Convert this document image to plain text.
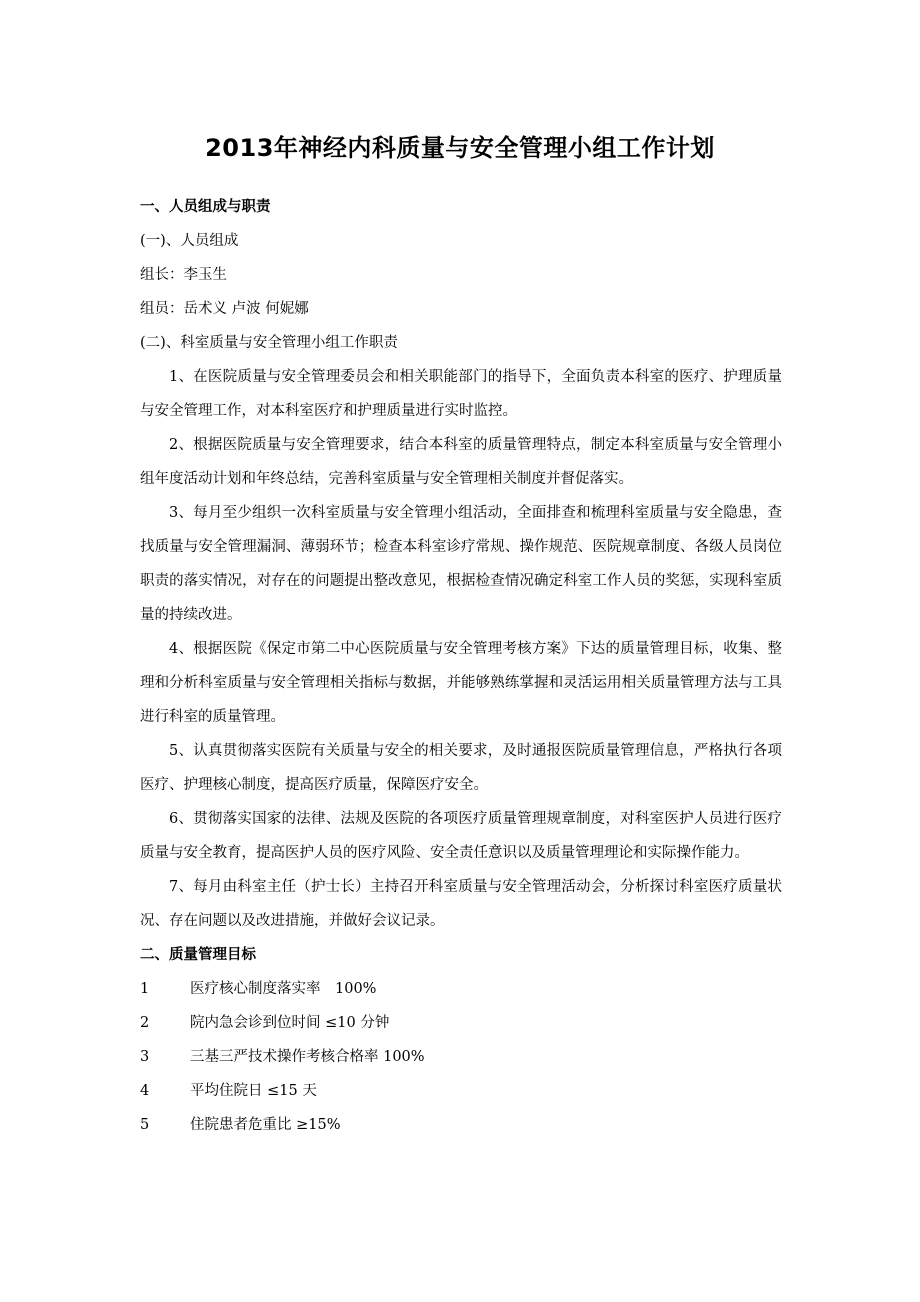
2013年神经内科质量与安全管理小组工作计划
一、人员组成与职责
(一)、人员组成
组长：李玉生
组员：岳术义 卢波 何妮娜
(二)、科室质量与安全管理小组工作职责
1、在医院质量与安全管理委员会和相关职能部门的指导下，全面负责本科室的医疗、护理质量与安全管理工作，对本科室医疗和护理质量进行实时监控。
2、根据医院质量与安全管理要求，结合本科室的质量管理特点，制定本科室质量与安全管理小组年度活动计划和年终总结，完善科室质量与安全管理相关制度并督促落实。
3、每月至少组织一次科室质量与安全管理小组活动，全面排查和梳理科室质量与安全隐患，查找质量与安全管理漏洞、薄弱环节；检查本科室诊疗常规、操作规范、医院规章制度、各级人员岗位职责的落实情况，对存在的问题提出整改意见，根据检查情况确定科室工作人员的奖惩，实现科室质量的持续改进。
4、根据医院《保定市第二中心医院质量与安全管理考核方案》下达的质量管理目标，收集、整理和分析科室质量与安全管理相关指标与数据，并能够熟练掌握和灵活运用相关质量管理方法与工具进行科室的质量管理。
5、认真贯彻落实医院有关质量与安全的相关要求，及时通报医院质量管理信息，严格执行各项医疗、护理核心制度，提高医疗质量，保障医疗安全。
6、贯彻落实国家的法律、法规及医院的各项医疗质量管理规章制度，对科室医护人员进行医疗质量与安全教育，提高医护人员的医疗风险、安全责任意识以及质量管理理论和实际操作能力。
7、每月由科室主任（护士长）主持召开科室质量与安全管理活动会，分析探讨科室医疗质量状况、存在问题以及改进措施，并做好会议记录。
二、质量管理目标
1	医疗核心制度落实率　100%
2	院内急会诊到位时间 ≤10 分钟
3	三基三严技术操作考核合格率 100%
4	平均住院日 ≤15 天
5	住院患者危重比 ≥15%
